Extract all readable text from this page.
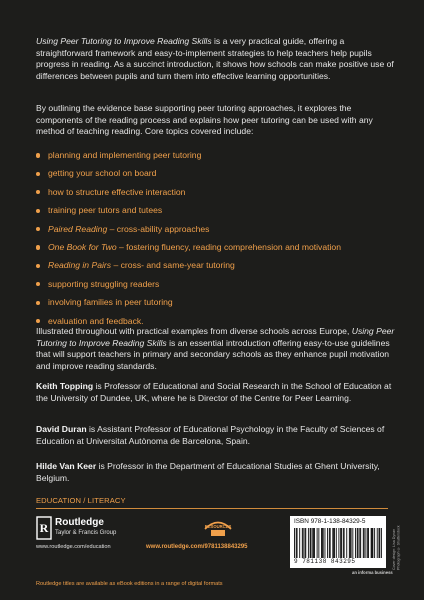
Using Peer Tutoring to Improve Reading Skills is a very practical guide, offering a straightforward framework and easy-to-implement strategies to help teachers help pupils progress in reading. As a succinct introduction, it shows how schools can make positive use of differences between pupils and turn them into effective learning opportunities.

By outlining the evidence base supporting peer tutoring approaches, it explores the components of the reading process and explains how peer tutoring can be used with any method of teaching reading. Core topics covered include:

planning and implementing peer tutoring
getting your school on board
how to structure effective interaction
training peer tutors and tutees
Paired Reading – cross-ability approaches
One Book for Two – fostering fluency, reading comprehension and motivation
Reading in Pairs – cross- and same-year tutoring
supporting struggling readers
involving families in peer tutoring
evaluation and feedback.

Illustrated throughout with practical examples from diverse schools across Europe, Using Peer Tutoring to Improve Reading Skills is an essential introduction offering easy-to-use guidelines that will support teachers in primary and secondary schools as they enhance pupil motivation and improve reading standards.

Keith Topping is Professor of Educational and Social Research in the School of Education at the University of Dundee, UK, where he is Director of the Centre for Peer Learning.
David Duran is Assistant Professor of Educational Psychology in the Faculty of Sciences of Education at Universitat Autònoma de Barcelona, Spain.
Hilde Van Keer is Professor in the Department of Educational Studies at Ghent University, Belgium.
EDUCATION / LITERACY
R Routledge
Taylor & Francis Group
www.routledge.com/education
RESOURCES
www.routledge.com/9781138843295
ISBN 978-1-138-84329-5
9 781138 843295
an informa business
Cover design: Lisa Dynan Photograph © Shutterstock
Routledge titles are available as eBook editions in a range of digital formats
